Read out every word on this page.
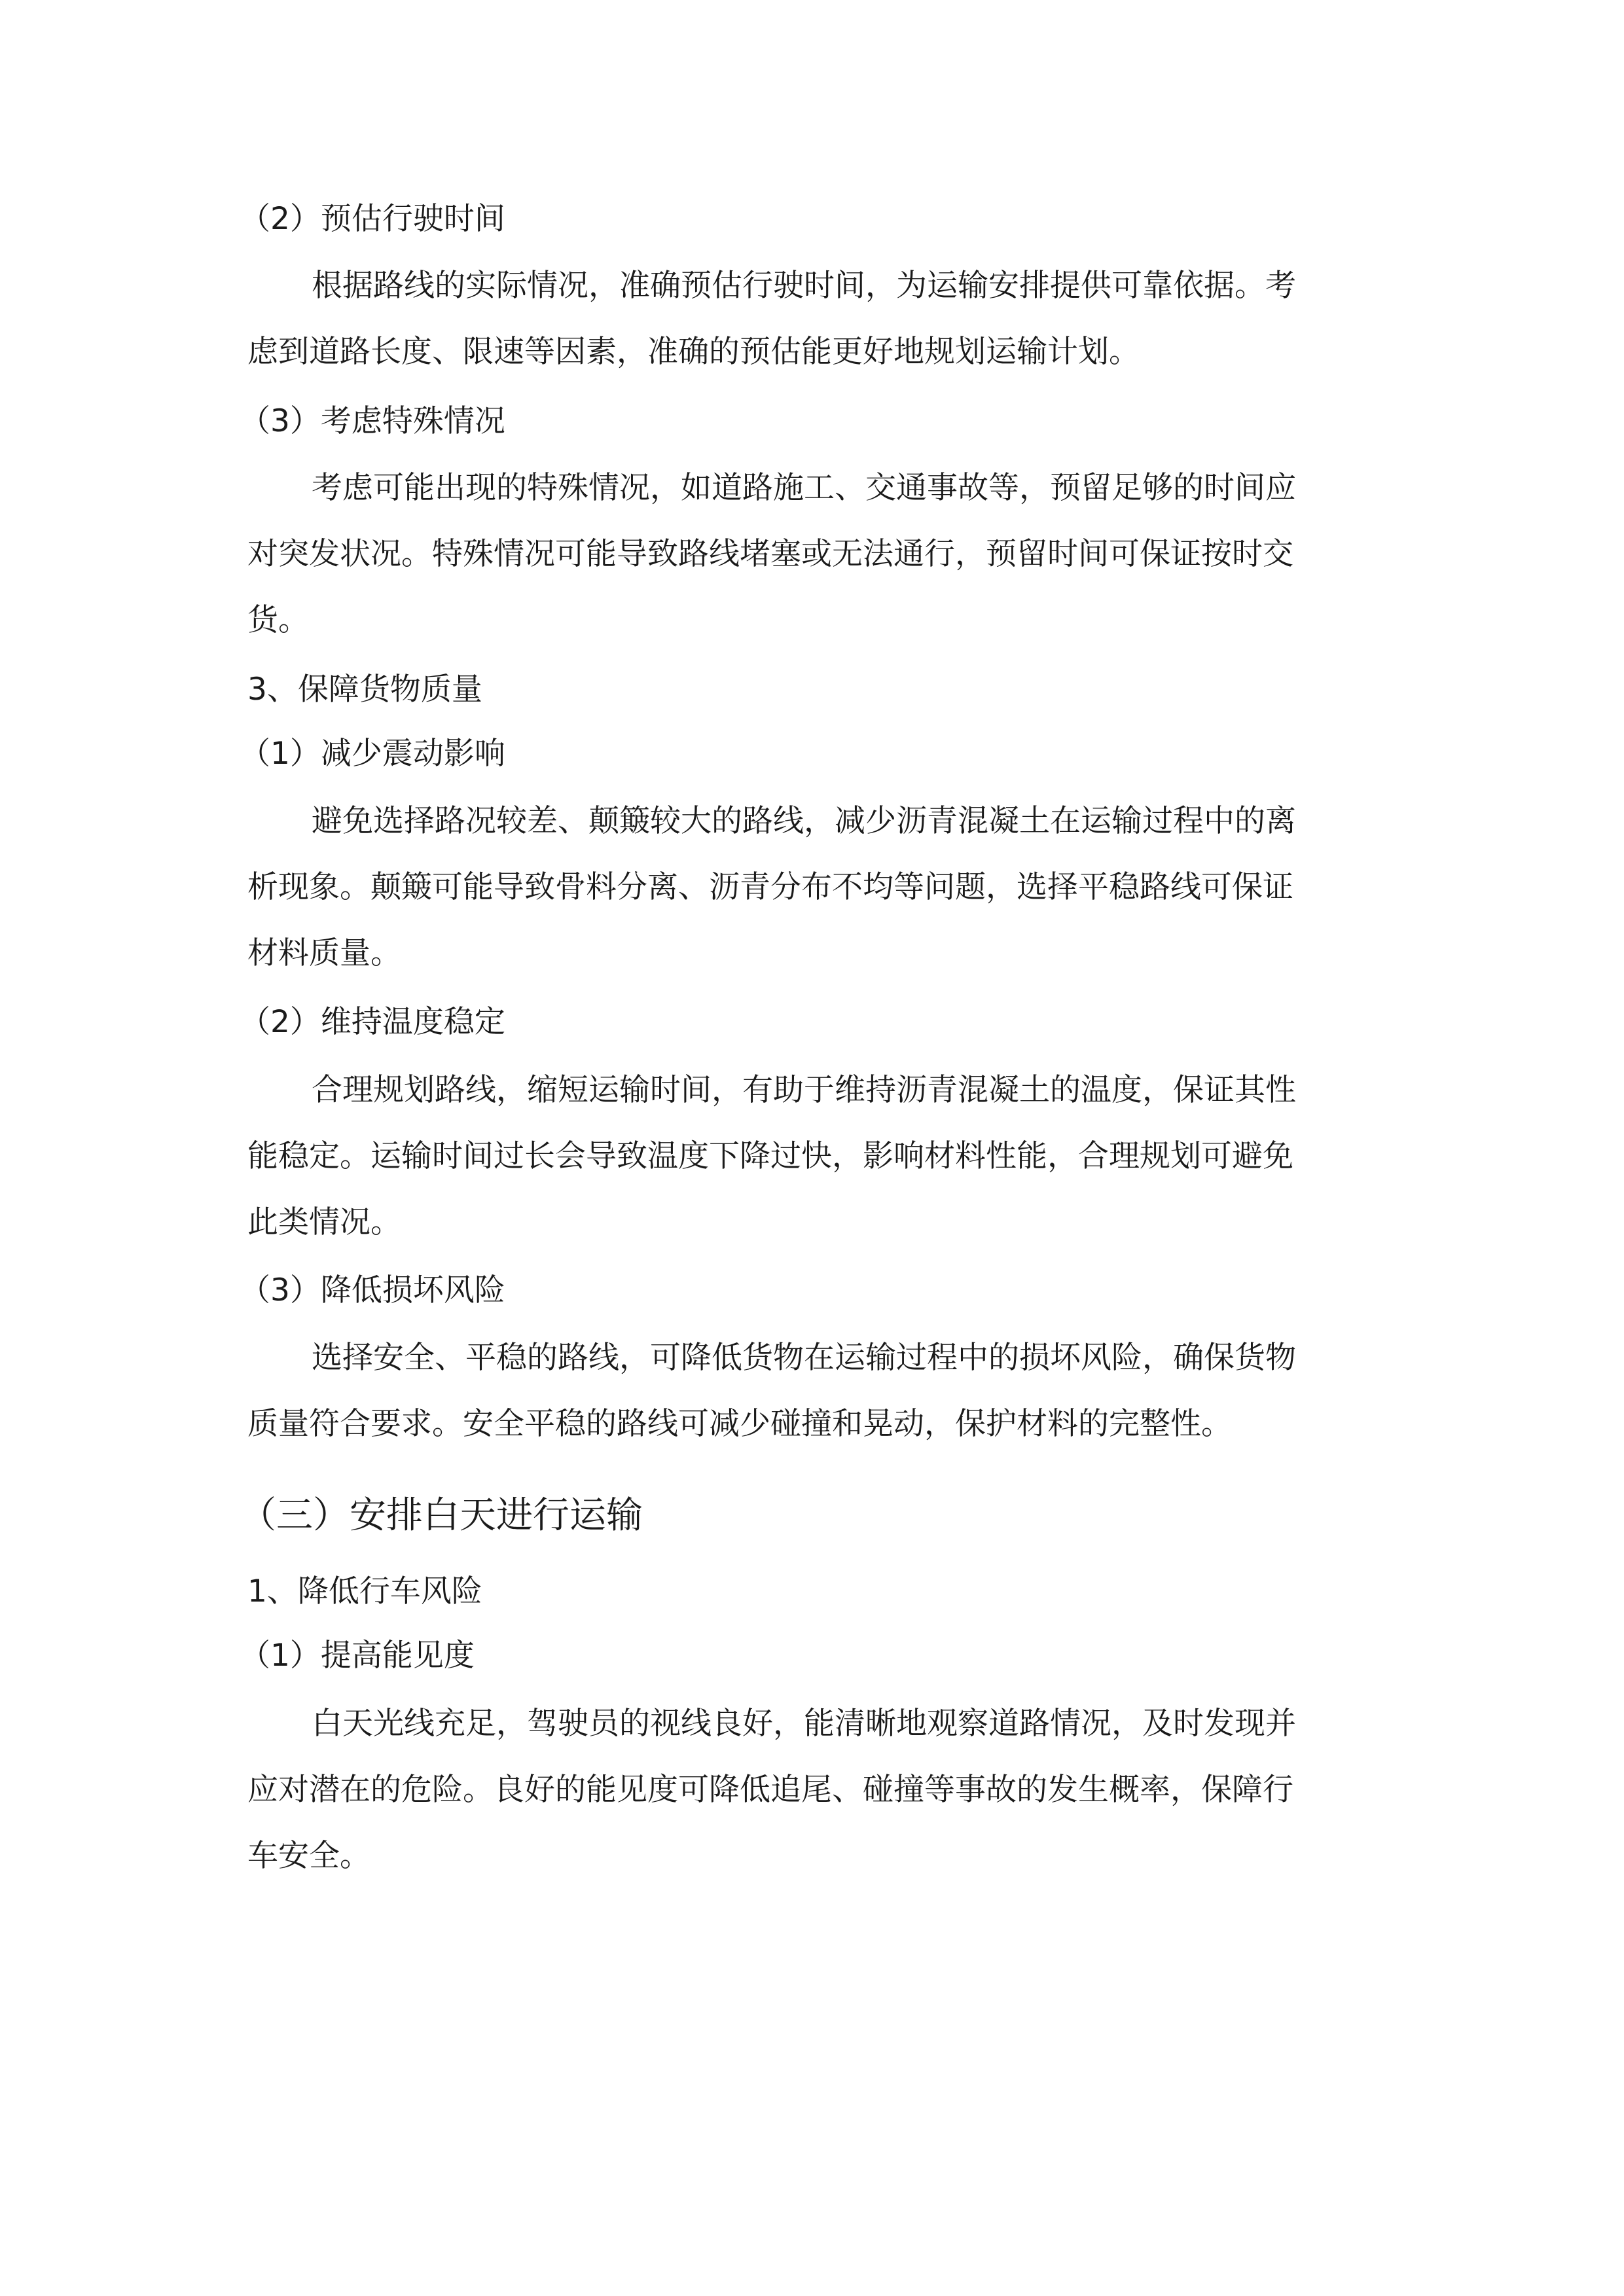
（2）预估行驶时间
根据路线的实际情况，准确预估行驶时间，为运输安排提供可靠依据。考
虑到道路长度、限速等因素，准确的预估能更好地规划运输计划。
（3）考虑特殊情况
考虑可能出现的特殊情况，如道路施工、交通事故等，预留足够的时间应
对突发状况。特殊情况可能导致路线堵塞或无法通行，预留时间可保证按时交
货。
3、保障货物质量
（1）减少震动影响
避免选择路况较差、颠簸较大的路线，减少沥青混凝土在运输过程中的离
析现象。颠簸可能导致骨料分离、沥青分布不均等问题，选择平稳路线可保证
材料质量。
（2）维持温度稳定
合理规划路线，缩短运输时间，有助于维持沥青混凝土的温度，保证其性
能稳定。运输时间过长会导致温度下降过快，影响材料性能，合理规划可避免
此类情况。
（3）降低损坏风险
选择安全、平稳的路线，可降低货物在运输过程中的损坏风险，确保货物
质量符合要求。安全平稳的路线可减少碰撞和晃动，保护材料的完整性。
（三）安排白天进行运输
1、降低行车风险
（1）提高能见度
白天光线充足，驾驶员的视线良好，能清晰地观察道路情况，及时发现并
应对潜在的危险。良好的能见度可降低追尾、碰撞等事故的发生概率，保障行
车安全。
